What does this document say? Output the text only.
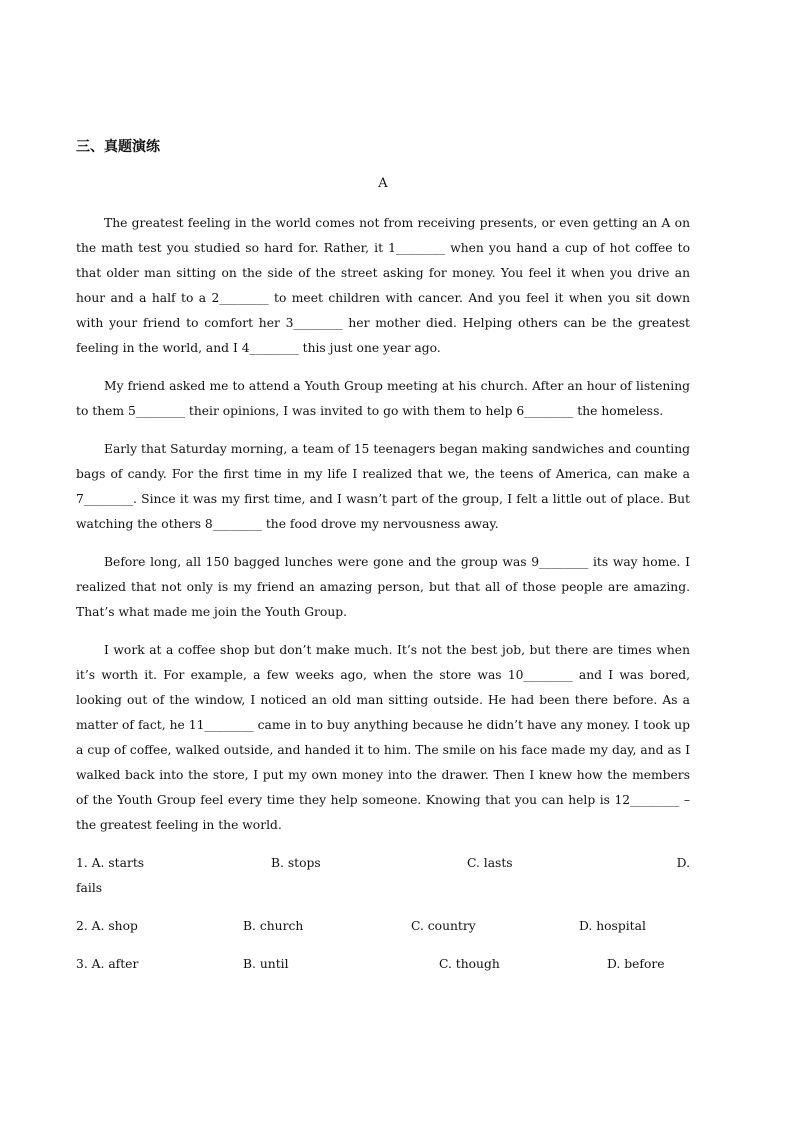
三、真题演练
A

The greatest feeling in the world comes not from receiving presents, or even getting an A on the math test you studied so hard for. Rather, it 1________ when you hand a cup of hot coffee to that older man sitting on the side of the street asking for money. You feel it when you drive an hour and a half to a 2________ to meet children with cancer. And you feel it when you sit down with your friend to comfort her 3________ her mother died. Helping others can be the greatest feeling in the world, and I 4________ this just one year ago.

My friend asked me to attend a Youth Group meeting at his church. After an hour of listening to them 5________ their opinions, I was invited to go with them to help 6________ the homeless.

Early that Saturday morning, a team of 15 teenagers began making sandwiches and counting bags of candy. For the first time in my life I realized that we, the teens of America, can make a 7________. Since it was my first time, and I wasn’t part of the group, I felt a little out of place. But watching the others 8________ the food drove my nervousness away.

Before long, all 150 bagged lunches were gone and the group was 9________ its way home. I realized that not only is my friend an amazing person, but that all of those people are amazing. That’s what made me join the Youth Group.

I work at a coffee shop but don’t make much. It’s not the best job, but there are times when it’s worth it. For example, a few weeks ago, when the store was 10________ and I was bored, looking out of the window, I noticed an old man sitting outside. He had been there before. As a matter of fact, he 11________ came in to buy anything because he didn’t have any money. I took up a cup of coffee, walked outside, and handed it to him. The smile on his face made my day, and as I walked back into the store, I put my own money into the drawer. Then I knew how the members of the Youth Group feel every time they help someone. Knowing that you can help is 12________ – the greatest feeling in the world.

1. A. starts	B. stops	C. lasts	D.
fails
2. A. shop	B. church	C. country	D. hospital
3. A. after	B. until	C. though	D. before
